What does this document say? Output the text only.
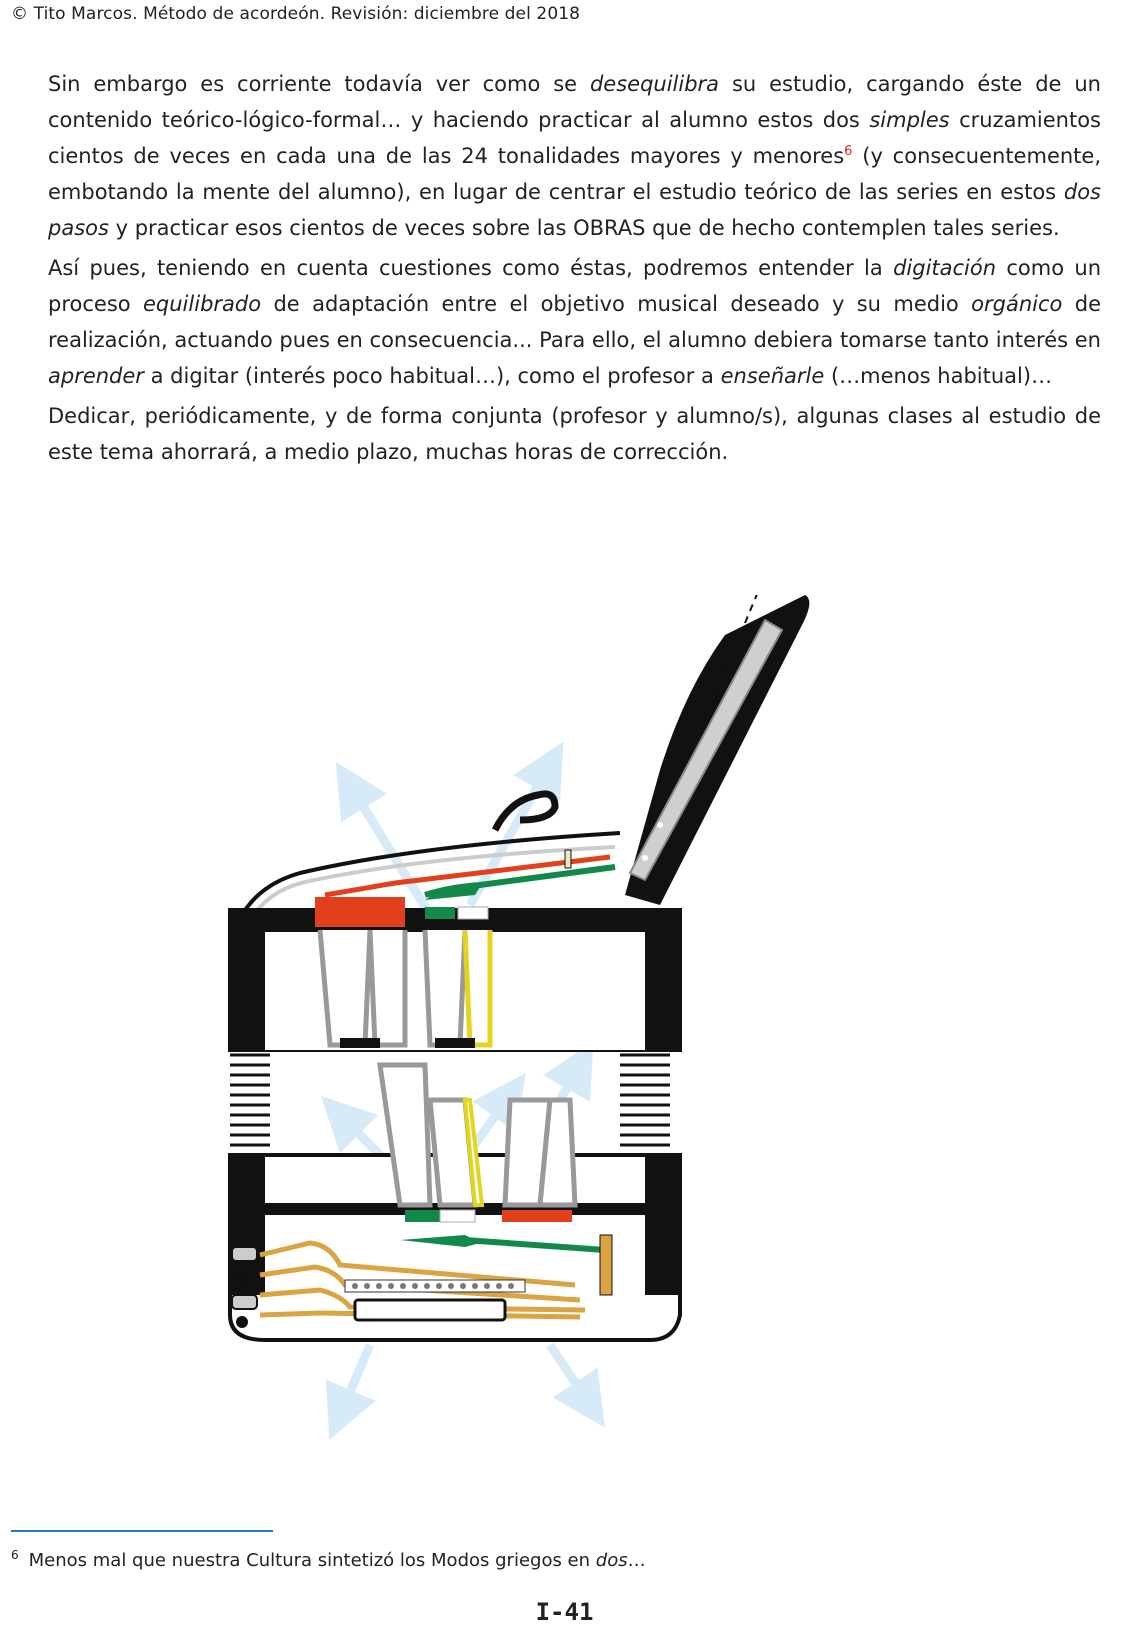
© Tito Marcos. Método de acordeón. Revisión: diciembre del 2018

Sin embargo es corriente todavía ver como se desequilibra su estudio, cargando éste de un contenido teórico-lógico-formal… y haciendo practicar al alumno estos dos simples cruzamientos cientos de veces en cada una de las 24 tonalidades mayores y menores$^6$ (y consecuentemente, embotando la mente del alumno), en lugar de centrar el estudio teórico de las series en estos dos pasos y practicar esos cientos de veces sobre las OBRAS que de hecho contemplen tales series.

Así pues, teniendo en cuenta cuestiones como éstas, podremos entender la digitación como un proceso equilibrado de adaptación entre el objetivo musical deseado y su medio orgánico de realización, actuando pues en consecuencia... Para ello, el alumno debiera tomarse tanto interés en aprender a digitar (interés poco habitual…), como el profesor a enseñarle (…menos habitual)…

Dedicar, periódicamente, y de forma conjunta (profesor y alumno/s), algunas clases al estudio de este tema ahorrará, a medio plazo, muchas horas de corrección.

$^6$ Menos mal que nuestra Cultura sintetizó los Modos griegos en dos…
I-41
